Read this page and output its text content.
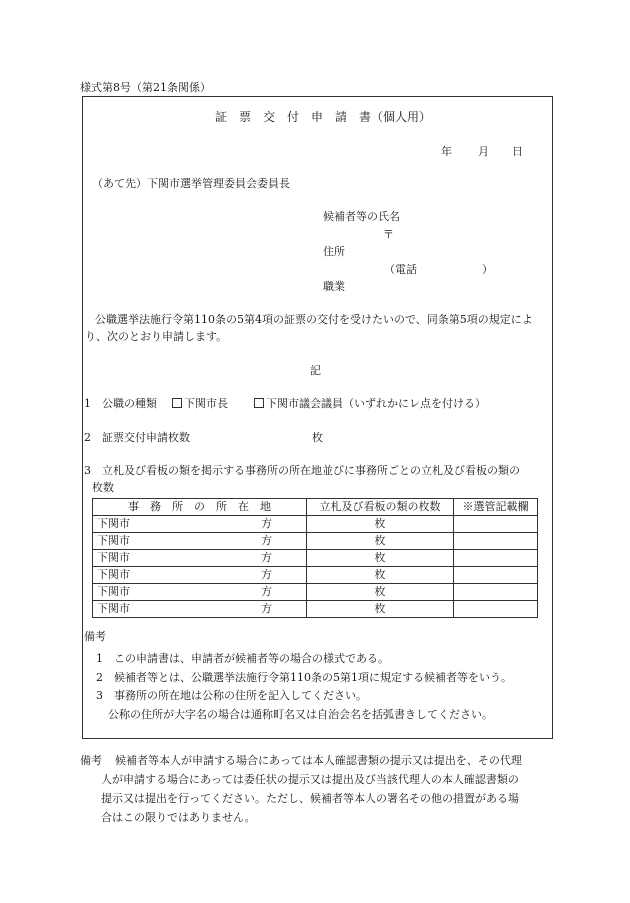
様式第8号（第21条関係）
証　票　交　付　申　請　書（個人用）
年 月 日
（あて先）下関市選挙管理委員会委員長
候補者等の氏名
〒
住所
（電話	）
職業
公職選挙法施行令第110条の5第4項の証票の交付を受けたいので、同条第5項の規定によ
り、次のとおり申請します。
記
1　公職の種類	下関市長	下関市議会議員（いずれかにレ点を付ける）
2　証票交付申請枚数	枚
3　立札及び看板の類を掲示する事務所の所在地並びに事務所ごとの立札及び看板の類の
枚数
事　務　所　の　所　在　地	立札及び看板の類の枚数	※選管記載欄

下関市 方	枚	

下関市 方	枚	

下関市 方	枚	

下関市 方	枚	

下関市 方	枚	

下関市 方	枚	
備考
1　この申請書は、申請者が候補者等の場合の様式である。
2　候補者等とは、公職選挙法施行令第110条の5第1項に規定する候補者等をいう。
3　事務所の所在地は公称の住所を記入してください。
公称の住所が大字名の場合は通称町名又は自治会名を括弧書きしてください。
備考 候補者等本人が申請する場合にあっては本人確認書類の提示又は提出を、その代理
人が申請する場合にあっては委任状の提示又は提出及び当該代理人の本人確認書類の
提示又は提出を行ってください。ただし、候補者等本人の署名その他の措置がある場
合はこの限りではありません。
